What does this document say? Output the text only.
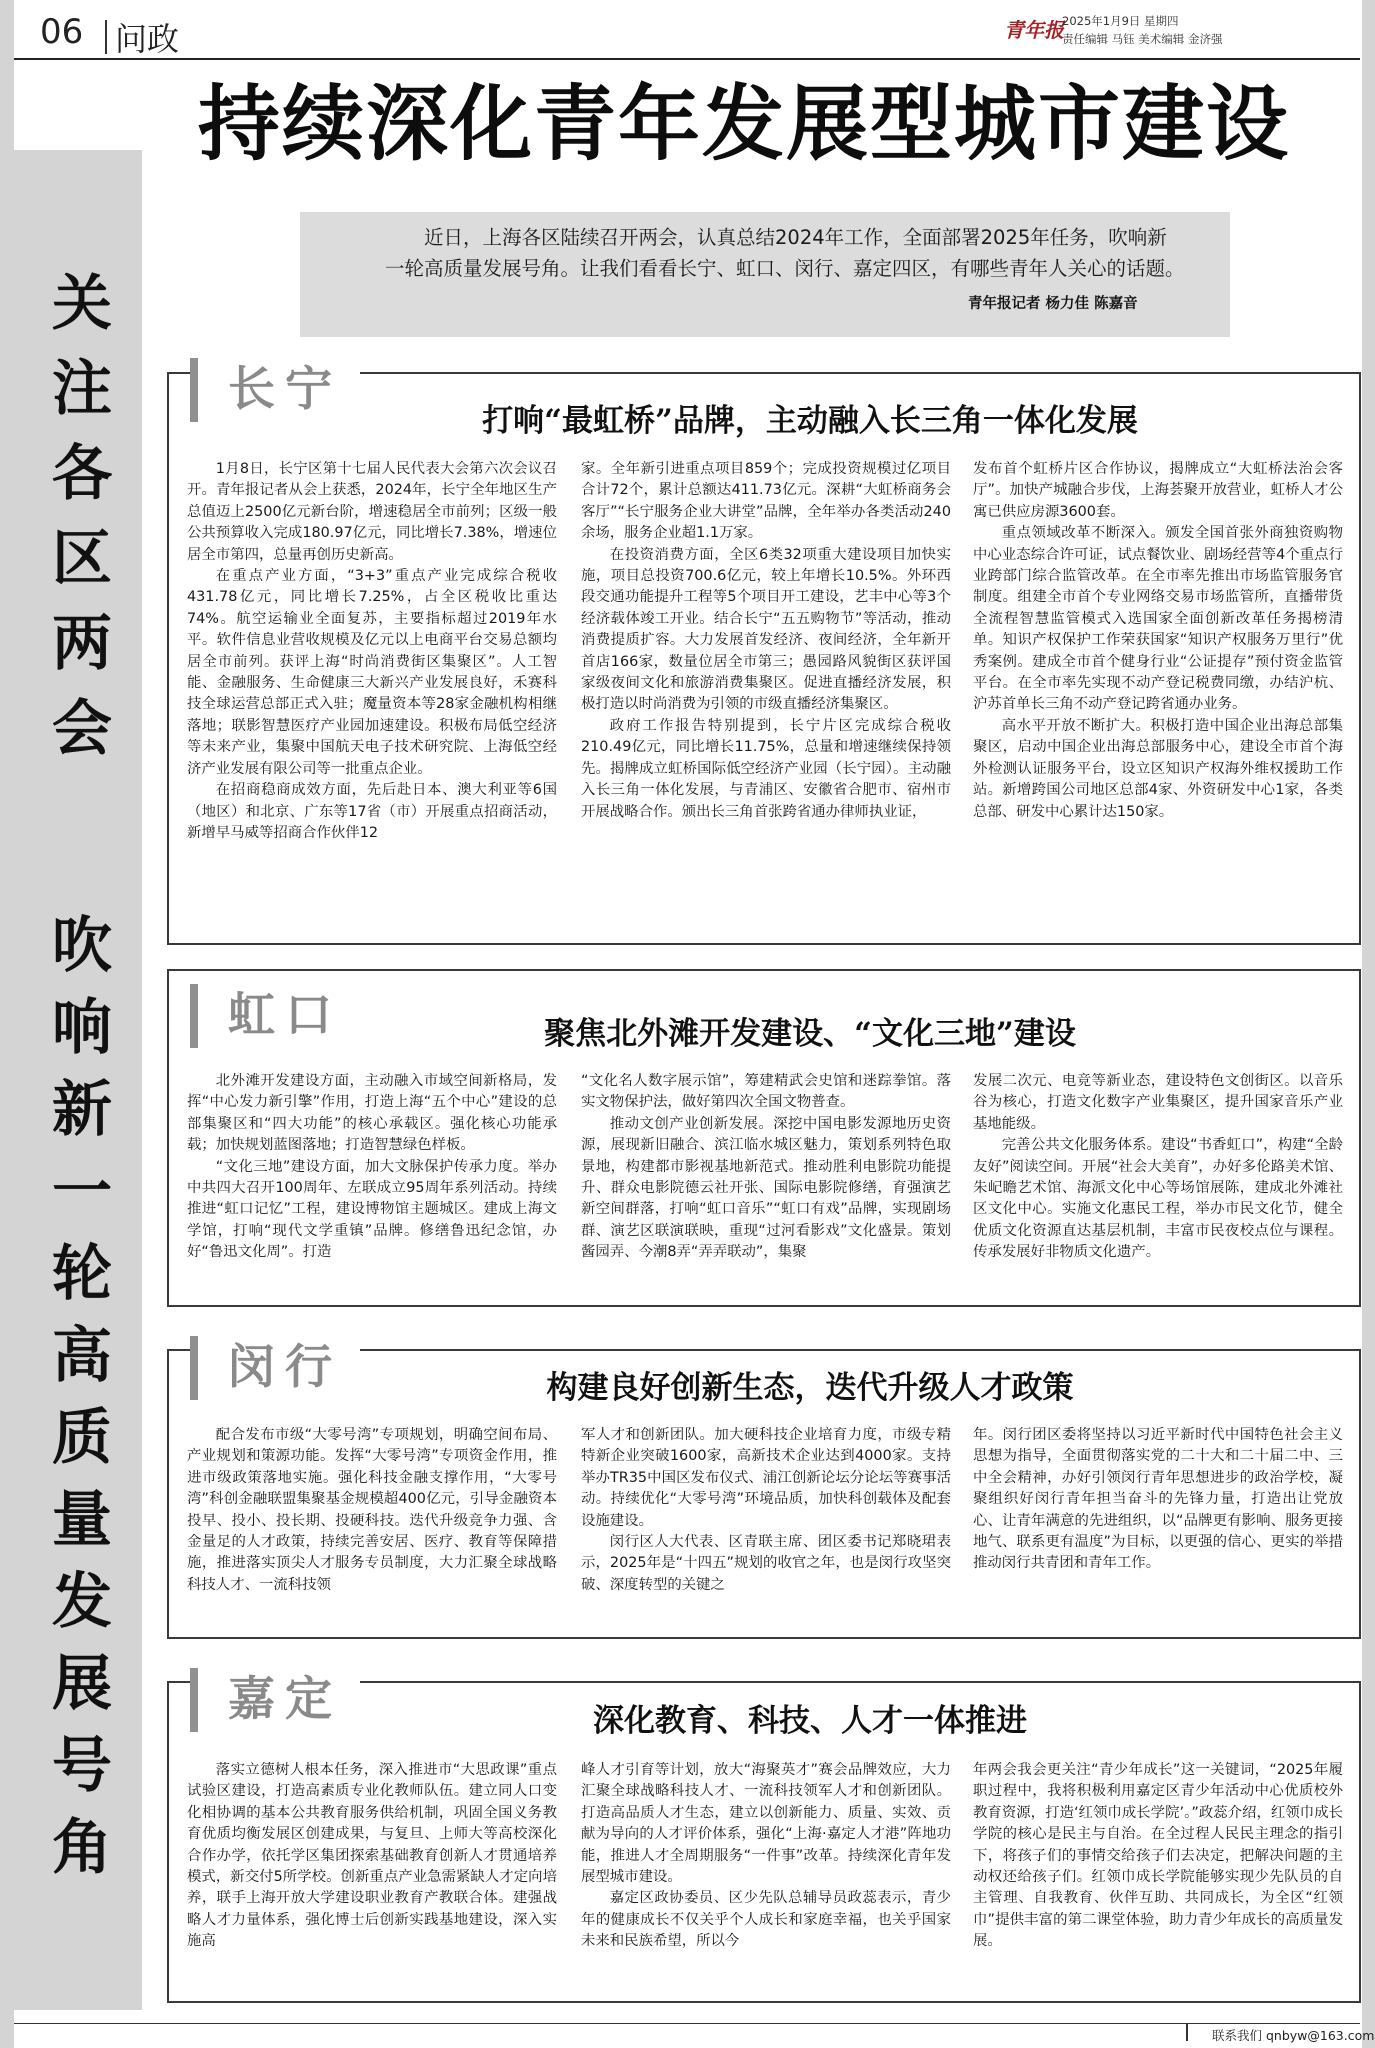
06 问政	青年报
2025年1月9日 星期四
责任编辑 马钰 美术编辑 金济强
持续深化青年发展型城市建设
关
注
各
区
两
会
吹
响
新
一
轮
高
质
量
发
展
号
角
近日，上海各区陆续召开两会，认真总结2024年工作，全面部署2025年任务，吹响新一轮高质量发展号角。让我们看看长宁、虹口、闵行、嘉定四区，有哪些青年人关心的话题。
青年报记者 杨力佳 陈嘉音
长宁
打响“最虹桥”品牌，主动融入长三角一体化发展

1月8日，长宁区第十七届人民代表大会第六次会议召开。青年报记者从会上获悉，2024年，长宁全年地区生产总值迈上2500亿元新台阶，增速稳居全市前列；区级一般公共预算收入完成180.97亿元，同比增长7.38%，增速位居全市第四，总量再创历史新高。

在重点产业方面，“3+3”重点产业完成综合税收431.78亿元，同比增长7.25%，占全区税收比重达74%。航空运输业全面复苏，主要指标超过2019年水平。软件信息业营收规模及亿元以上电商平台交易总额均居全市前列。获评上海“时尚消费街区集聚区”。人工智能、金融服务、生命健康三大新兴产业发展良好，禾赛科技全球运营总部正式入驻；魔量资本等28家金融机构相继落地；联影智慧医疗产业园加速建设。积极布局低空经济等未来产业，集聚中国航天电子技术研究院、上海低空经济产业发展有限公司等一批重点企业。

在招商稳商成效方面，先后赴日本、澳大利亚等6国（地区）和北京、广东等17省（市）开展重点招商活动，新增早马威等招商合作伙伴12

家。全年新引进重点项目859个；完成投资规模过亿项目合计72个，累计总额达411.73亿元。深耕“大虹桥商务会客厅”“长宁服务企业大讲堂”品牌，全年举办各类活动240余场，服务企业超1.1万家。

在投资消费方面，全区6类32项重大建设项目加快实施，项目总投资700.6亿元，较上年增长10.5%。外环西段交通功能提升工程等5个项目开工建设，艺丰中心等3个经济载体竣工开业。结合长宁“五五购物节”等活动，推动消费提质扩容。大力发展首发经济、夜间经济，全年新开首店166家，数量位居全市第三；愚园路风貌街区获评国家级夜间文化和旅游消费集聚区。促进直播经济发展，积极打造以时尚消费为引领的市级直播经济集聚区。

政府工作报告特别提到，长宁片区完成综合税收210.49亿元，同比增长11.75%，总量和增速继续保持领先。揭牌成立虹桥国际低空经济产业园（长宁园）。主动融入长三角一体化发展，与青浦区、安徽省合肥市、宿州市开展战略合作。颁出长三角首张跨省通办律师执业证，

发布首个虹桥片区合作协议，揭牌成立“大虹桥法治会客厅”。加快产城融合步伐，上海荟聚开放营业，虹桥人才公寓已供应房源3600套。

重点领域改革不断深入。颁发全国首张外商独资购物中心业态综合许可证，试点餐饮业、剧场经营等4个重点行业跨部门综合监管改革。在全市率先推出市场监管服务官制度。组建全市首个专业网络交易市场监管所，直播带货全流程智慧监管模式入选国家全面创新改革任务揭榜清单。知识产权保护工作荣获国家“知识产权服务万里行”优秀案例。建成全市首个健身行业“公证提存”预付资金监管平台。在全市率先实现不动产登记税费同缴，办结沪杭、沪苏首单长三角不动产登记跨省通办业务。

高水平开放不断扩大。积极打造中国企业出海总部集聚区，启动中国企业出海总部服务中心，建设全市首个海外检测认证服务平台，设立区知识产权海外维权援助工作站。新增跨国公司地区总部4家、外资研发中心1家，各类总部、研发中心累计达150家。

虹口	聚焦北外滩开发建设、“文化三地”建设

北外滩开发建设方面，主动融入市域空间新格局，发挥“中心发力新引擎”作用，打造上海“五个中心”建设的总部集聚区和“四大功能”的核心承载区。强化核心功能承载；加快规划蓝图落地；打造智慧绿色样板。

“文化三地”建设方面，加大文脉保护传承力度。举办中共四大召开100周年、左联成立95周年系列活动。持续推进“虹口记忆”工程，建设博物馆主题城区。建成上海文学馆，打响“现代文学重镇”品牌。修缮鲁迅纪念馆，办好“鲁迅文化周”。打造

“文化名人数字展示馆”，筹建精武会史馆和迷踪拳馆。落实文物保护法，做好第四次全国文物普查。

推动文创产业创新发展。深挖中国电影发源地历史资源，展现新旧融合、滨江临水城区魅力，策划系列特色取景地，构建都市影视基地新范式。推动胜利电影院功能提升、群众电影院德云社开张、国际电影院修缮，育强演艺新空间群落，打响“虹口音乐”“虹口有戏”品牌，实现剧场群、演艺区联演联映，重现“过河看影戏”文化盛景。策划酱园弄、今潮8弄“弄弄联动”，集聚

发展二次元、电竞等新业态，建设特色文创街区。以音乐谷为核心，打造文化数字产业集聚区，提升国家音乐产业基地能级。

完善公共文化服务体系。建设“书香虹口”，构建“全龄友好”阅读空间。开展“社会大美育”，办好多伦路美术馆、朱屺瞻艺术馆、海派文化中心等场馆展陈，建成北外滩社区文化中心。实施文化惠民工程，举办市民文化节，健全优质文化资源直达基层机制，丰富市民夜校点位与课程。传承发展好非物质文化遗产。

闵行	构建良好创新生态，迭代升级人才政策

配合发布市级“大零号湾”专项规划，明确空间布局、产业规划和策源功能。发挥“大零号湾”专项资金作用，推进市级政策落地实施。强化科技金融支撑作用，“大零号湾”科创金融联盟集聚基金规模超400亿元，引导金融资本投早、投小、投长期、投硬科技。迭代升级竞争力强、含金量足的人才政策，持续完善安居、医疗、教育等保障措施，推进落实顶尖人才服务专员制度，大力汇聚全球战略科技人才、一流科技领

军人才和创新团队。加大硬科技企业培育力度，市级专精特新企业突破1600家，高新技术企业达到4000家。支持举办TR35中国区发布仪式、浦江创新论坛分论坛等赛事活动。持续优化“大零号湾”环境品质，加快科创载体及配套设施建设。

闵行区人大代表、区青联主席、团区委书记郑晓珺表示，2025年是“十四五”规划的收官之年，也是闵行攻坚突破、深度转型的关键之

年。闵行团区委将坚持以习近平新时代中国特色社会主义思想为指导，全面贯彻落实党的二十大和二十届二中、三中全会精神，办好引领闵行青年思想进步的政治学校，凝聚组织好闵行青年担当奋斗的先锋力量，打造出让党放心、让青年满意的先进组织，以“品牌更有影响、服务更接地气、联系更有温度”为目标，以更强的信心、更实的举措推动闵行共青团和青年工作。

嘉定	深化教育、科技、人才一体推进

落实立德树人根本任务，深入推进市“大思政课”重点试验区建设，打造高素质专业化教师队伍。建立同人口变化相协调的基本公共教育服务供给机制，巩固全国义务教育优质均衡发展区创建成果，与复旦、上师大等高校深化合作办学，依托学区集团探索基础教育创新人才贯通培养模式，新交付5所学校。创新重点产业急需紧缺人才定向培养，联手上海开放大学建设职业教育产教联合体。建强战略人才力量体系，强化博士后创新实践基地建设，深入实施高

峰人才引育等计划，放大“海聚英才”赛会品牌效应，大力汇聚全球战略科技人才、一流科技领军人才和创新团队。打造高品质人才生态，建立以创新能力、质量、实效、贡献为导向的人才评价体系，强化“上海·嘉定人才港”阵地功能，推进人才全周期服务“一件事”改革。持续深化青年发展型城市建设。

嘉定区政协委员、区少先队总辅导员政蕊表示，青少年的健康成长不仅关乎个人成长和家庭幸福，也关乎国家未来和民族希望，所以今

年两会我会更关注“青少年成长”这一关键词，“2025年履职过程中，我将积极利用嘉定区青少年活动中心优质校外教育资源，打造‘红领巾成长学院’。”政蕊介绍，红领巾成长学院的核心是民主与自治。在全过程人民民主理念的指引下，将孩子们的事情交给孩子们去决定，把解决问题的主动权还给孩子们。红领巾成长学院能够实现少先队员的自主管理、自我教育、伙伴互助、共同成长，为全区“红领巾”提供丰富的第二课堂体验，助力青少年成长的高质量发展。

联系我们 qnbyw@163.com
